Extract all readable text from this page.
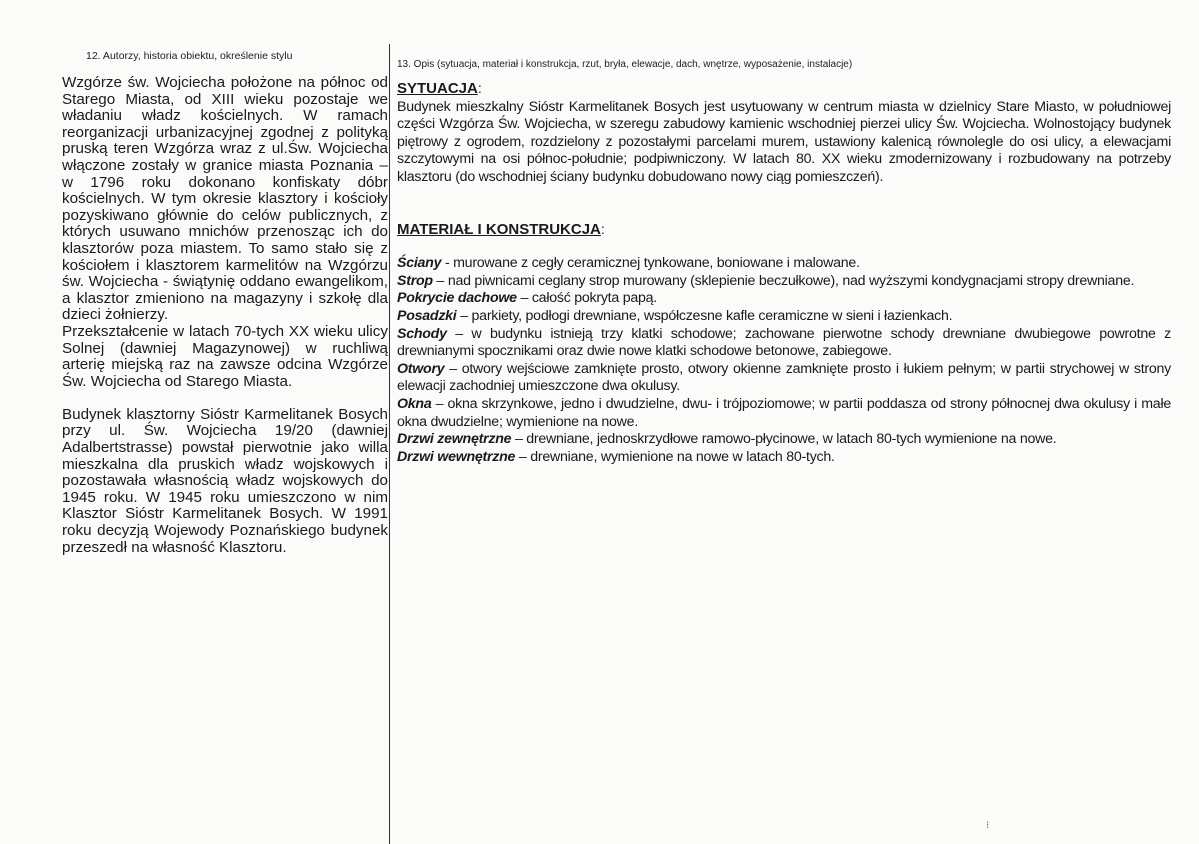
12. Autorzy, historia obiektu, określenie stylu
13. Opis (sytuacja, materiał i konstrukcja, rzut, bryła, elewacje, dach, wnętrze, wyposażenie, instalacje)

Wzgórze św. Wojciecha położone na północ od Starego Miasta, od XIII wieku pozostaje we władaniu władz kościelnych. W ramach reorganizacji urbanizacyjnej zgodnej z polityką pruską teren Wzgórza wraz z ul.Św. Wojciecha włączone zostały w granice miasta Poznania – w 1796 roku dokonano konfiskaty dóbr kościelnych. W tym okresie klasztory i kościoły pozyskiwano głównie do celów publicznych, z których usuwano mnichów przenosząc ich do klasztorów poza miastem. To samo stało się z kościołem i klasztorem karmelitów na Wzgórzu św. Wojciecha - świątynię oddano ewangelikom, a klasztor zmieniono na magazyny i szkołę dla dzieci żołnierzy.

Przekształcenie w latach 70-tych XX wieku ulicy Solnej (dawniej Magazynowej) w ruchliwą arterię miejską raz na zawsze odcina Wzgórze Św. Wojciecha od Starego Miasta.

Budynek klasztorny Sióstr Karmelitanek Bosych przy ul. Św. Wojciecha 19/20 (dawniej Adalbertstrasse) powstał pierwotnie jako willa mieszkalna dla pruskich władz wojskowych i pozostawała własnością władz wojskowych do 1945 roku. W 1945 roku umieszczono w nim Klasztor Sióstr Karmelitanek Bosych. W 1991 roku decyzją Wojewody Poznańskiego budynek przeszedł na własność Klasztoru.

SYTUACJA:

Budynek mieszkalny Sióstr Karmelitanek Bosych jest usytuowany w centrum miasta w dzielnicy Stare Miasto, w południowej części Wzgórza Św. Wojciecha, w szeregu zabudowy kamienic wschodniej pierzei ulicy Św. Wojciecha. Wolnostojący budynek piętrowy z ogrodem, rozdzielony z pozostałymi parcelami murem, ustawiony kalenicą równolegle do osi ulicy, a elewacjami szczytowymi na osi północ-południe; podpiwniczony. W latach 80. XX wieku zmodernizowany i rozbudowany na potrzeby klasztoru (do wschodniej ściany budynku dobudowano nowy ciąg pomieszczeń).

MATERIAŁ I KONSTRUKCJA:

Ściany - murowane z cegły ceramicznej tynkowane, boniowane i malowane.

Strop – nad piwnicami ceglany strop murowany (sklepienie beczułkowe), nad wyższymi kondygnacjami stropy drewniane.

Pokrycie dachowe – całość pokryta papą.

Posadzki – parkiety, podłogi drewniane, współczesne kafle ceramiczne w sieni i łazienkach.

Schody – w budynku istnieją trzy klatki schodowe; zachowane pierwotne schody drewniane dwubiegowe powrotne z drewnianymi spocznikami oraz dwie nowe klatki schodowe betonowe, zabiegowe.

Otwory – otwory wejściowe zamknięte prosto, otwory okienne zamknięte prosto i łukiem pełnym; w partii strychowej w strony elewacji zachodniej umieszczone dwa okulusy.

Okna – okna skrzynkowe, jedno i dwudzielne, dwu- i trójpoziomowe; w partii poddasza od strony północnej dwa okulusy i małe okna dwudzielne; wymienione na nowe.

Drzwi zewnętrzne – drewniane, jednoskrzydłowe ramowo-płycinowe, w latach 80-tych wymienione na nowe.

Drzwi wewnętrzne – drewniane, wymienione na nowe w latach 80-tych.

⁝
